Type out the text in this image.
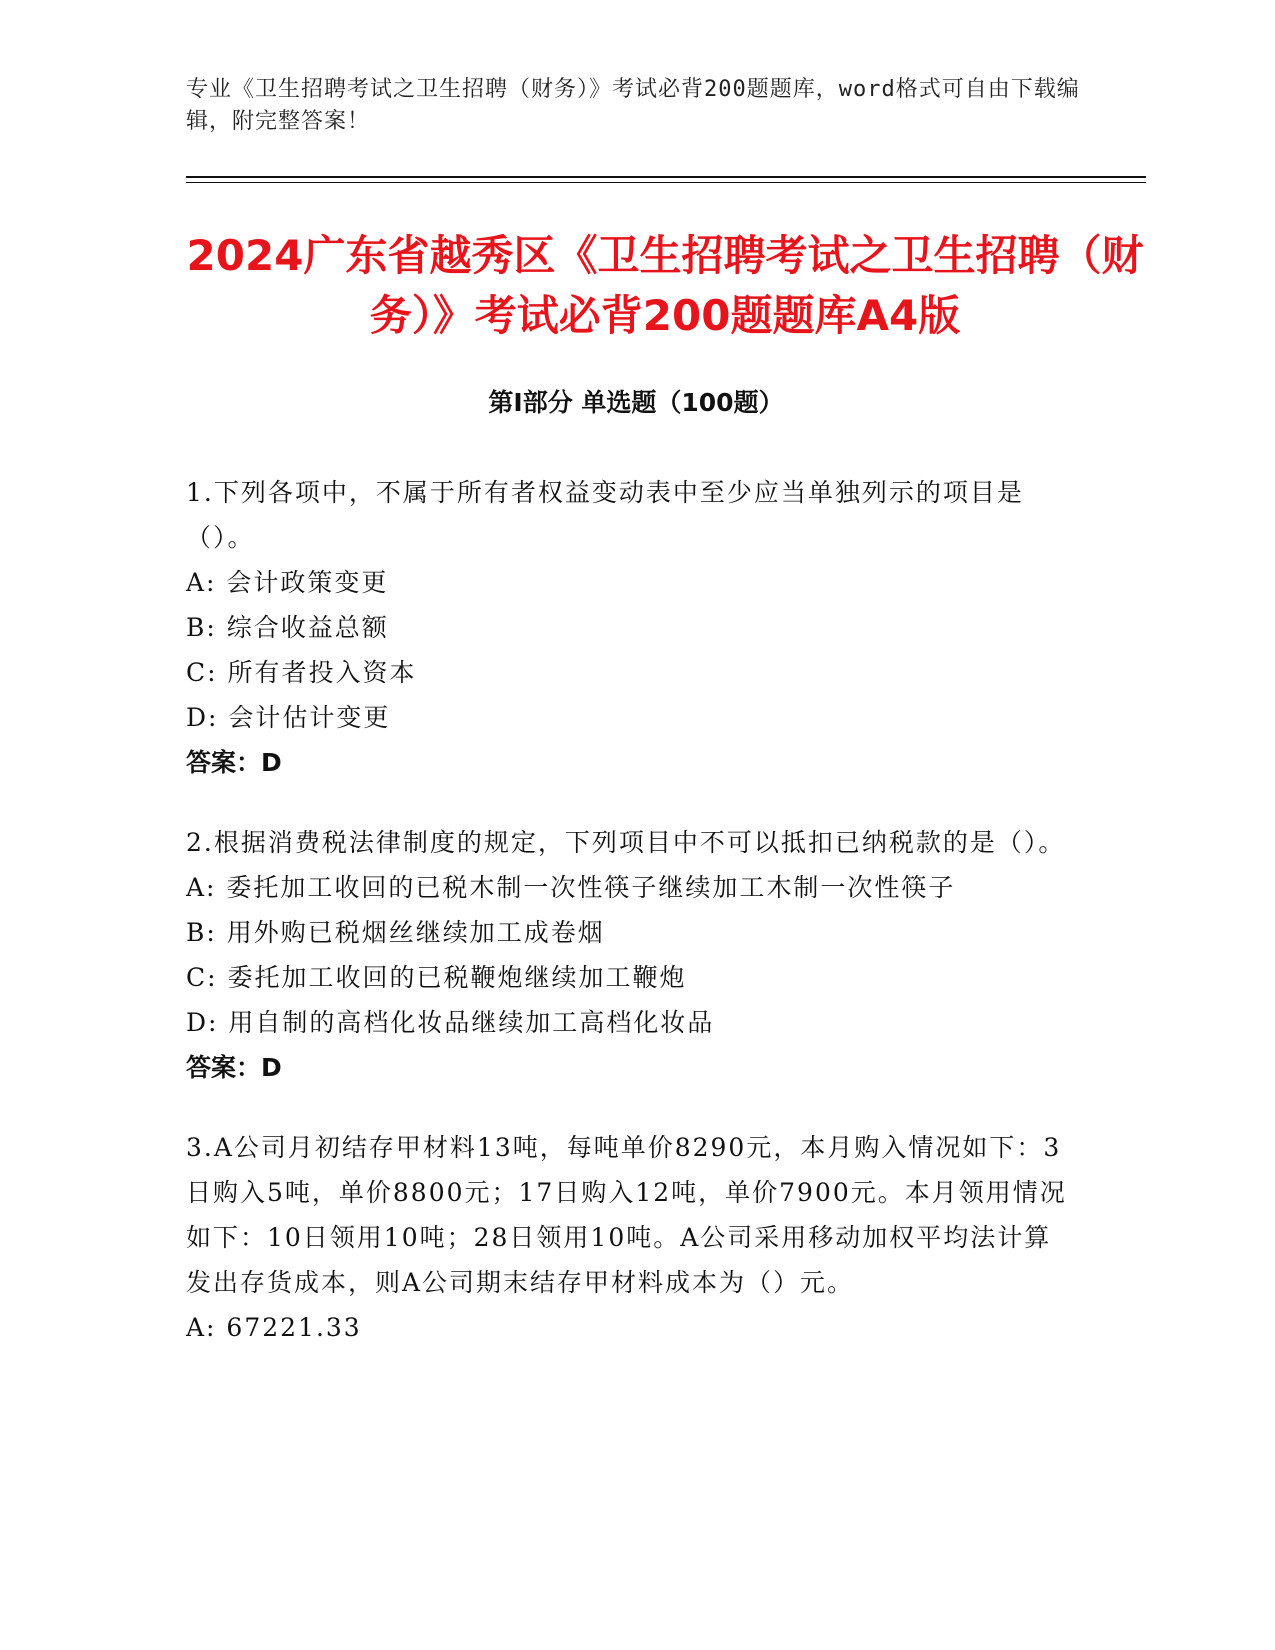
专业《卫生招聘考试之卫生招聘（财务）》考试必背200题题库，word格式可自由下载编辑，附完整答案！
2024广东省越秀区《卫生招聘考试之卫生招聘（财务）》考试必背200题题库A4版
第Ⅰ部分 单选题（100题）
1.下列各项中，不属于所有者权益变动表中至少应当单独列示的项目是（）。
A: 会计政策变更
B: 综合收益总额
C: 所有者投入资本
D: 会计估计变更
答案：D
2.根据消费税法律制度的规定，下列项目中不可以抵扣已纳税款的是（）。
A: 委托加工收回的已税木制一次性筷子继续加工木制一次性筷子
B: 用外购已税烟丝继续加工成卷烟
C: 委托加工收回的已税鞭炮继续加工鞭炮
D: 用自制的高档化妆品继续加工高档化妆品
答案：D
3.A公司月初结存甲材料13吨，每吨单价8290元，本月购入情况如下：3日购入5吨，单价8800元；17日购入12吨，单价7900元。本月领用情况如下：10日领用10吨；28日领用10吨。A公司采用移动加权平均法计算发出存货成本，则A公司期末结存甲材料成本为（）元。
A: 67221.33
